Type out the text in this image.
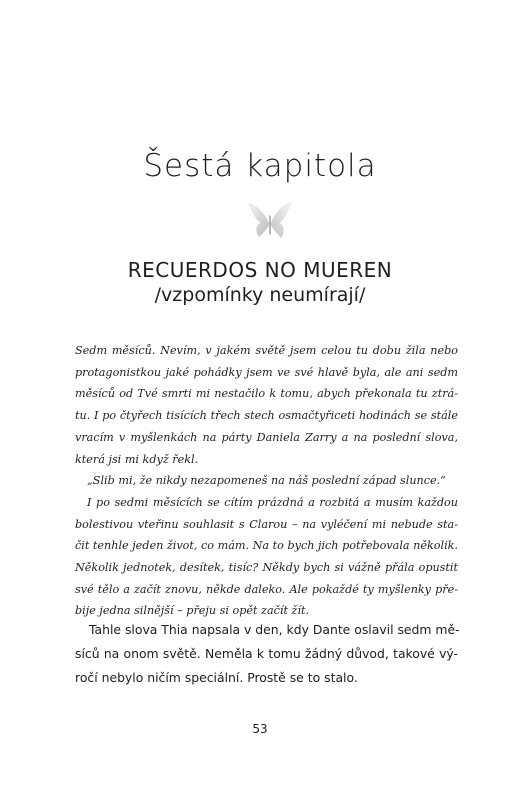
Šestá kapitola
RECUERDOS NO MUEREN
/vzpomínky neumírají/
Sedm měsíců. Nevím, v jakém světě jsem celou tu dobu žila nebo
protagonistkou jaké pohádky jsem ve své hlavě byla, ale ani sedm
měsíců od Tvé smrti mi nestačilo k tomu, abych překonala tu ztrá-
tu. I po čtyřech tisících třech stech osmačtyřiceti hodinách se stále
vracím v myšlenkách na párty Daniela Zarry a na poslední slova,
která jsi mi když řekl.
„Slib mi, že nikdy nezapomeneš na náš poslední západ slunce.“
I po sedmi měsících se cítím prázdná a rozbitá a musím každou
bolestivou vteřinu souhlasit s Clarou – na vyléčení mi nebude sta-
čit tenhle jeden život, co mám. Na to bych jich potřebovala několik.
Několik jednotek, desítek, tisíc? Někdy bych si vážně přála opustit
své tělo a začít znovu, někde daleko. Ale pokaždé ty myšlenky pře-
bije jedna silnější – přeju si opět začít žít.
Tahle slova Thia napsala v den, kdy Dante oslavil sedm mě-
síců na onom světě. Neměla k tomu žádný důvod, takové vý-
ročí nebylo ničím speciální. Prostě se to stalo.
53
